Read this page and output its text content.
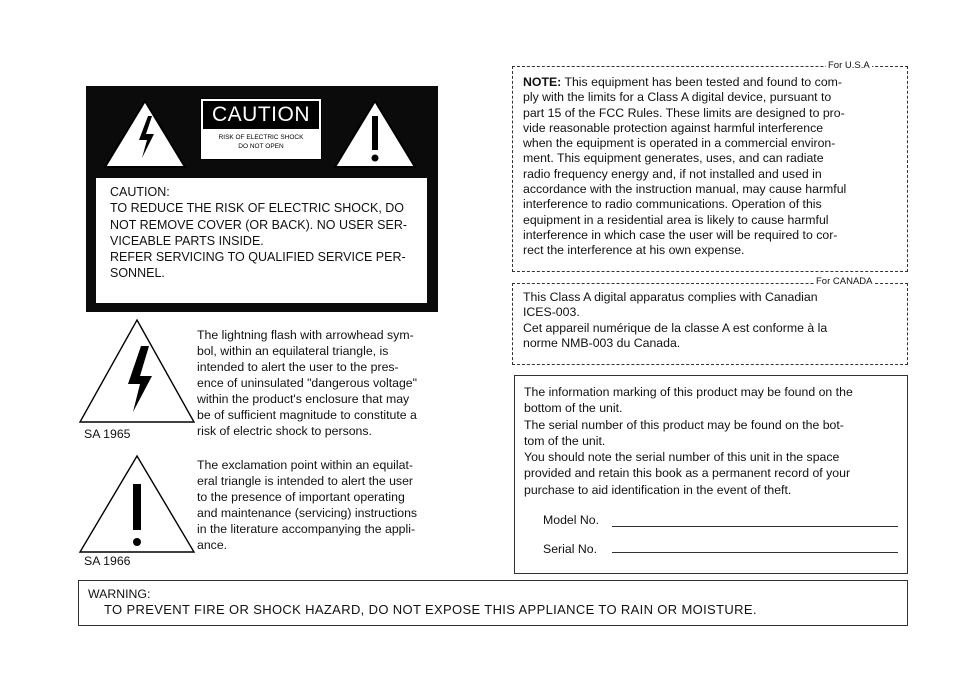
CAUTION
RISK OF ELECTRIC SHOCK
DO NOT OPEN
CAUTION:
TO REDUCE THE RISK OF ELECTRIC SHOCK, DO
NOT REMOVE COVER (OR BACK). NO USER SER-
VICEABLE PARTS INSIDE.
REFER SERVICING TO QUALIFIED SERVICE PER-
SONNEL.
SA 1965
The lightning flash with arrowhead sym-
bol, within an equilateral triangle, is
intended to alert the user to the pres-
ence of uninsulated "dangerous voltage"
within the product's enclosure that may
be of sufficient magnitude to constitute a
risk of electric shock to persons.
SA 1966
The exclamation point within an equilat-
eral triangle is intended to alert the user
to the presence of important operating
and maintenance (servicing) instructions
in the literature accompanying the appli-
ance.
For U.S.A
NOTE: This equipment has been tested and found to com-
ply with the limits for a Class A digital device, pursuant to
part 15 of the FCC Rules. These limits are designed to pro-
vide reasonable protection against harmful interference
when the equipment is operated in a commercial environ-
ment. This equipment generates, uses, and can radiate
radio frequency energy and, if not installed and used in
accordance with the instruction manual, may cause harmful
interference to radio communications. Operation of this
equipment in a residential area is likely to cause harmful
interference in which case the user will be required to cor-
rect the interference at his own expense.
For CANADA
This Class A digital apparatus complies with Canadian
ICES-003.
Cet appareil numérique de la classe A est conforme à la
norme NMB-003 du Canada.
The information marking of this product may be found on the
bottom of the unit.
The serial number of this product may be found on the bot-
tom of the unit.
You should note the serial number of this unit in the space
provided and retain this book as a permanent record of your
purchase to aid identification in the event of theft.
Model No.
Serial No.
WARNING:
TO PREVENT FIRE OR SHOCK HAZARD, DO NOT EXPOSE THIS APPLIANCE TO RAIN OR MOISTURE.
